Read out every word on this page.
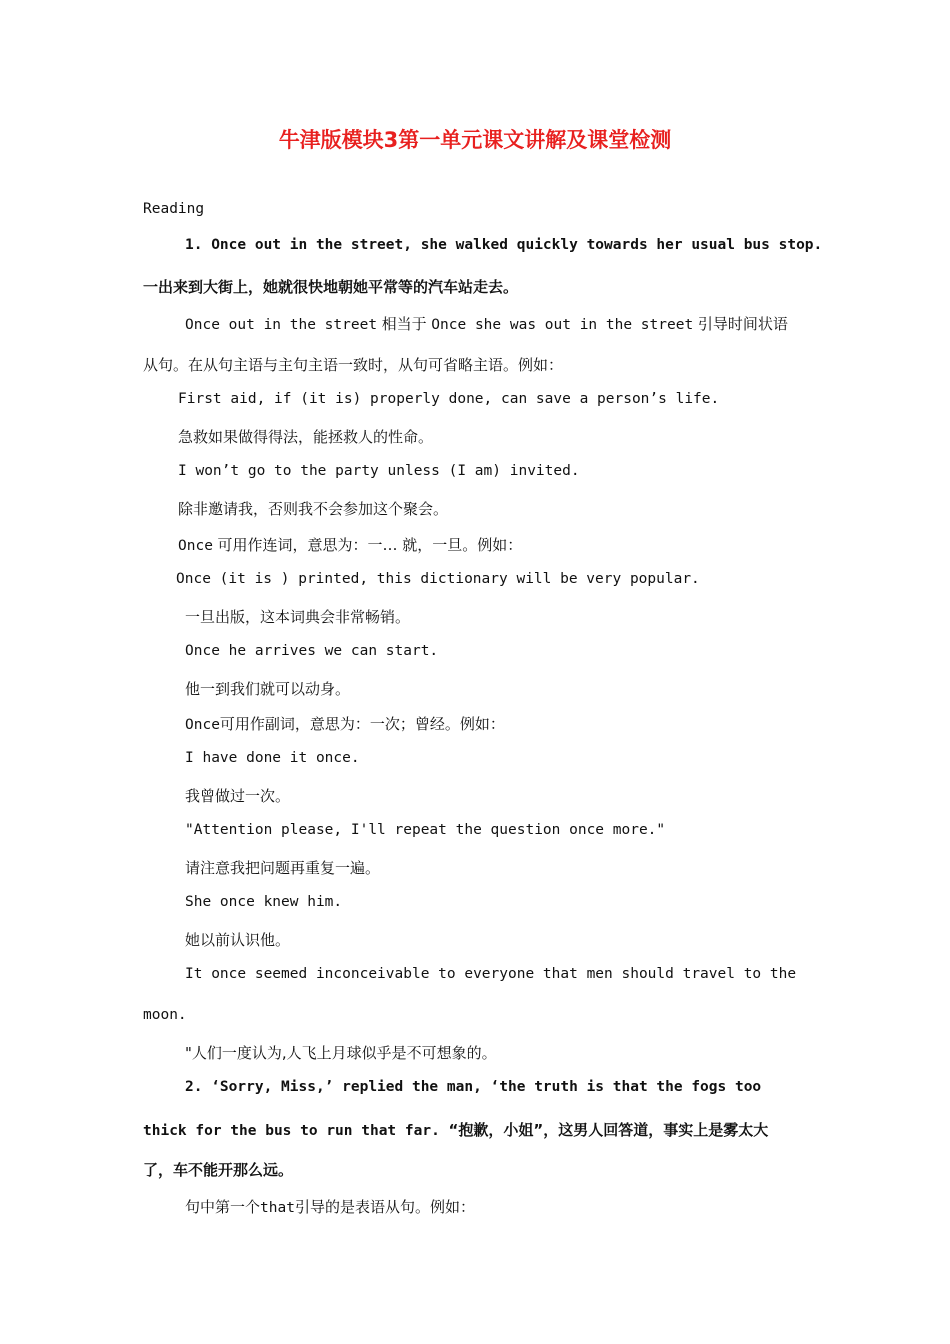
牛津版模块3第一单元课文讲解及课堂检测
Reading
1. Once out in the street, she walked quickly towards her usual bus stop.
一出来到大街上，她就很快地朝她平常等的汽车站走去。
Once out in the street 相当于 Once she was out in the street 引导时间状语
从句。在从句主语与主句主语一致时，从句可省略主语。例如：
First aid, if (it is) properly done, can save a person’s life.
急救如果做得得法，能拯救人的性命。
I won’t go to the party unless (I am) invited.
除非邀请我，否则我不会参加这个聚会。
Once 可用作连词，意思为：一… 就，一旦。例如：
Once (it is ) printed, this dictionary will be very popular.
一旦出版，这本词典会非常畅销。
Once he arrives we can start.
他一到我们就可以动身。
Once可用作副词，意思为：一次；曾经。例如：
I have done it once.
我曾做过一次。
"Attention please, I'll repeat the question once more."
请注意我把问题再重复一遍。
She once knew him.
她以前认识他。
It once seemed inconceivable to everyone that men should travel to the
moon.
"人们一度认为,人飞上月球似乎是不可想象的。
2. ‘Sorry, Miss,’ replied the man, ‘the truth is that the fogs too
thick for the bus to run that far. “抱歉，小姐”，这男人回答道，事实上是雾太大
了，车不能开那么远。
句中第一个that引导的是表语从句。例如：
